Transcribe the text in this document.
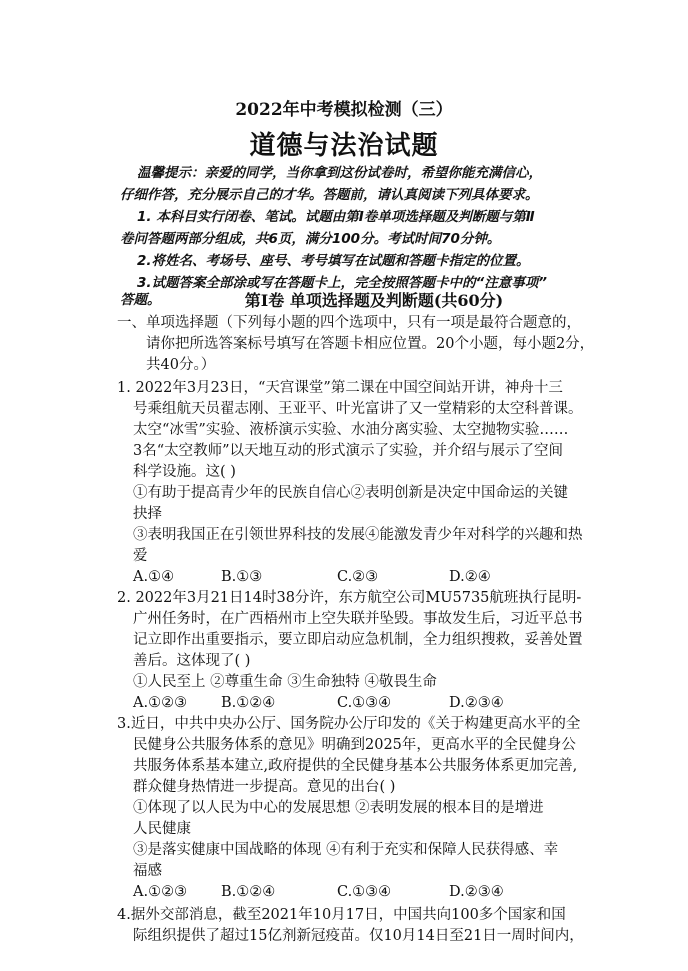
2022年中考模拟检测（三）
道德与法治试题
温馨提示：亲爱的同学，当你拿到这份试卷时，希望你能充满信心，
仔细作答，充分展示自己的才华。答题前，请认真阅读下列具体要求。
1. 本科目实行闭卷、笔试。试题由第Ⅰ卷单项选择题及判断题与第Ⅱ
卷问答题两部分组成，共6页，满分100分。考试时间70分钟。
2.将姓名、考场号、座号、考号填写在试题和答题卡指定的位置。
3.试题答案全部涂或写在答题卡上，完全按照答题卡中的“注意事项”
答题。	第Ⅰ卷 单项选择题及判断题(共60分)
一、单项选择题（下列每小题的四个选项中，只有一项是最符合题意的，
请你把所选答案标号填写在答题卡相应位置。20个小题，每小题2分，
共40分。）
1. 2022年3月23日，“天宫课堂”第二课在中国空间站开讲，神舟十三
号乘组航天员翟志刚、王亚平、叶光富讲了又一堂精彩的太空科普课。
太空“冰雪”实验、液桥演示实验、水油分离实验、太空抛物实验……
3名“太空教师”以天地互动的形式演示了实验，并介绍与展示了空间
科学设施。这( )
①有助于提高青少年的民族自信心②表明创新是决定中国命运的关键
抉择
③表明我国正在引领世界科技的发展④能激发青少年对科学的兴趣和热
爱
A.①④	B.①③	C.②③	D.②④
2. 2022年3月21日14时38分许，东方航空公司MU5735航班执行昆明-
广州任务时，在广西梧州市上空失联并坠毁。事故发生后，习近平总书
记立即作出重要指示，要立即启动应急机制，全力组织搜救，妥善处置
善后。这体现了( )
①人民至上 ②尊重生命 ③生命独特 ④敬畏生命
A.①②③ B.①②④	C.①③④	D.②③④
3.近日，中共中央办公厅、国务院办公厅印发的《关于构建更高水平的全
民健身公共服务体系的意见》明确到2025年，更高水平的全民健身公
共服务体系基本建立,政府提供的全民健身基本公共服务体系更加完善,
群众健身热情进一步提高。意见的出台( )
①体现了以人民为中心的发展思想 ②表明发展的根本目的是增进
人民健康
③是落实健康中国战略的体现 ④有利于充实和保障人民获得感、幸
福感
A.①②③ B.①②④	C.①③④	D.②③④
4.据外交部消息，截至2021年10月17日，中国共向100多个国家和国
际组织提供了超过15亿剂新冠疫苗。仅10月14日至21日一周时间内，
